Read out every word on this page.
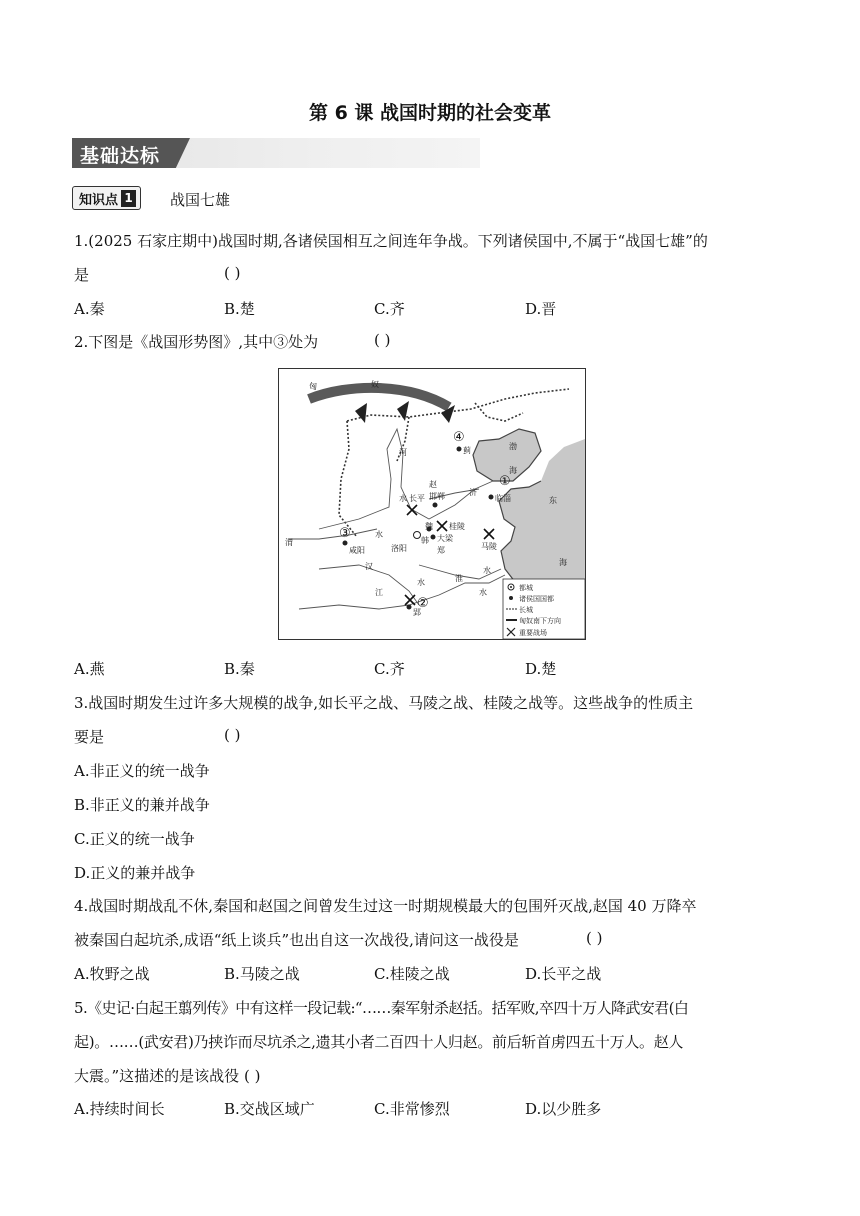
第 6 课 战国时期的社会变革
基础达标
知识点 1 战国七雄
1.(2025 石家庄期中)战国时期,各诸侯国相互之间连年争战。下列诸侯国中,不属于“战国七雄”的
是	( )
A.秦	B.楚	C.齐	D.晋
2.下图是《战国形势图》,其中③处为	( )
匈	奴
河
渤
海
东
海
赵
邯郸
水 长平
济
临淄
魏 桂陵
大梁
韩
郑	马陵
渭
咸阳	洛阳
水
汉
淮
水
江
水
水
郢
蓟
①
②
③
④
都城
诸侯国国都
长城
匈奴南下方向
重要战场
A.燕	B.秦	C.齐	D.楚
3.战国时期发生过许多大规模的战争,如长平之战、马陵之战、桂陵之战等。这些战争的性质主
要是	( )
A.非正义的统一战争
B.非正义的兼并战争
C.正义的统一战争
D.正义的兼并战争
4.战国时期战乱不休,秦国和赵国之间曾发生过这一时期规模最大的包围歼灭战,赵国 40 万降卒
被秦国白起坑杀,成语“纸上谈兵”也出自这一次战役,请问这一战役是	( )
A.牧野之战	B.马陵之战	C.桂陵之战	D.长平之战
5.《史记·白起王翦列传》中有这样一段记载:“……秦军射杀赵括。括军败,卒四十万人降武安君(白
起)。……(武安君)乃挟诈而尽坑杀之,遗其小者二百四十人归赵。前后斩首虏四五十万人。赵人
大震。”这描述的是该战役 ( )
A.持续时间长	B.交战区域广	C.非常惨烈	D.以少胜多
